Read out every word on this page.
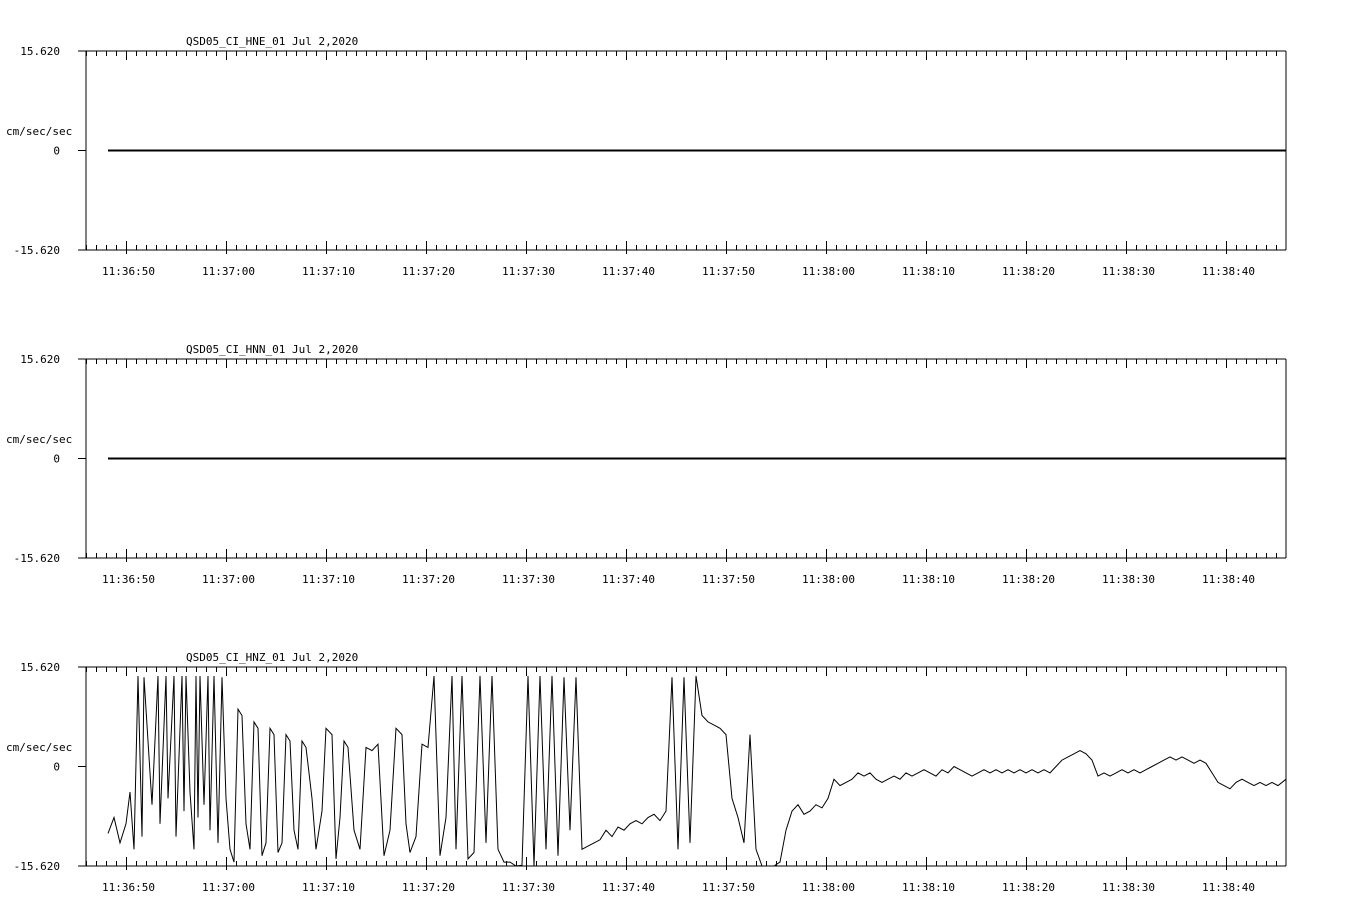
15.620
0
-15.620
cm/sec/sec
QSD05_CI_HNE_01 Jul 2,2020
11:36:50	11:37:00	11:37:10	11:37:20	11:37:30	11:37:40	11:37:50	11:38:00	11:38:10	11:38:20	11:38:30	11:38:40
15.620
0
-15.620
cm/sec/sec
QSD05_CI_HNN_01 Jul 2,2020
11:36:50	11:37:00	11:37:10	11:37:20	11:37:30	11:37:40	11:37:50	11:38:00	11:38:10	11:38:20	11:38:30	11:38:40
15.620
0
-15.620
cm/sec/sec
QSD05_CI_HNZ_01 Jul 2,2020
11:36:50	11:37:00	11:37:10	11:37:20	11:37:30	11:37:40	11:37:50	11:38:00	11:38:10	11:38:20	11:38:30	11:38:40
